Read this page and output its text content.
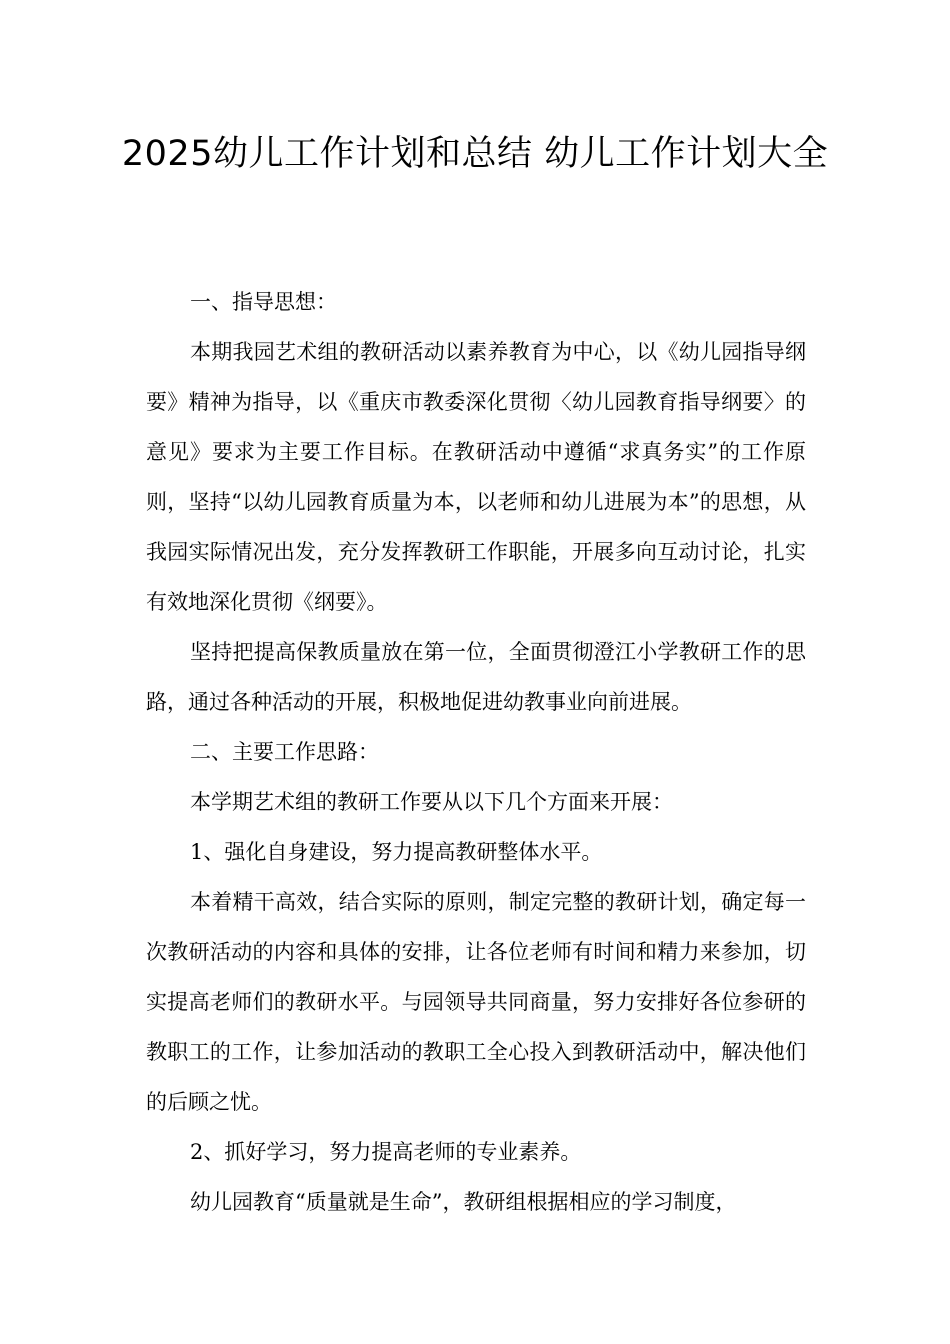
2025幼儿工作计划和总结 幼儿工作计划大全

一、指导思想：

本期我园艺术组的教研活动以素养教育为中心，以《幼儿园指导纲要》精神为指导，以《重庆市教委深化贯彻〈幼儿园教育指导纲要〉的意见》要求为主要工作目标。在教研活动中遵循“求真务实”的工作原则，坚持“以幼儿园教育质量为本，以老师和幼儿进展为本”的思想，从我园实际情况出发，充分发挥教研工作职能，开展多向互动讨论，扎实有效地深化贯彻《纲要》。

坚持把提高保教质量放在第一位，全面贯彻澄江小学教研工作的思路，通过各种活动的开展，积极地促进幼教事业向前进展。

二、主要工作思路：

本学期艺术组的教研工作要从以下几个方面来开展：

1、强化自身建设，努力提高教研整体水平。

本着精干高效，结合实际的原则，制定完整的教研计划，确定每一次教研活动的内容和具体的安排，让各位老师有时间和精力来参加，切实提高老师们的教研水平。与园领导共同商量，努力安排好各位参研的教职工的工作，让参加活动的教职工全心投入到教研活动中，解决他们的后顾之忧。

2、抓好学习，努力提高老师的专业素养。

幼儿园教育“质量就是生命”，教研组根据相应的学习制度，
